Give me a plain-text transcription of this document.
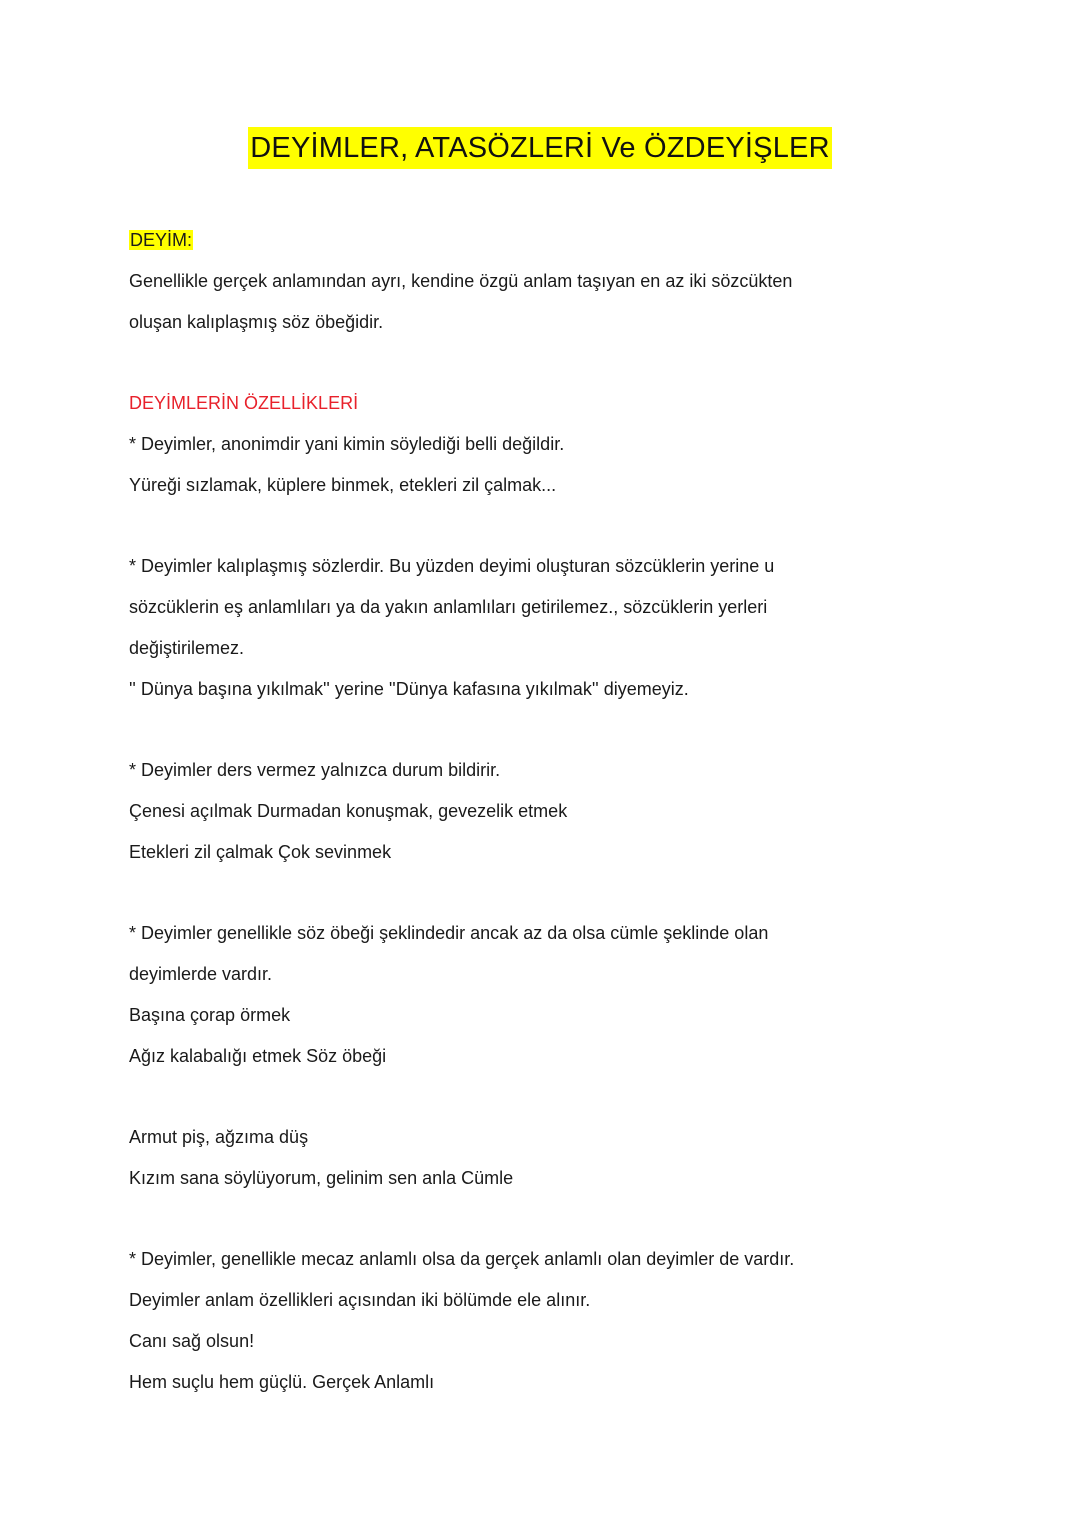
DEYİMLER, ATASÖZLERİ Ve ÖZDEYİŞLER
DEYİM:
Genellikle gerçek anlamından ayrı, kendine özgü anlam taşıyan en az iki sözcükten
oluşan kalıplaşmış söz öbeğidir.
DEYİMLERİN ÖZELLİKLERİ
* Deyimler, anonimdir yani kimin söylediği belli değildir.
Yüreği sızlamak, küplere binmek, etekleri zil çalmak...
* Deyimler kalıplaşmış sözlerdir. Bu yüzden deyimi oluşturan sözcüklerin yerine u
sözcüklerin eş anlamlıları ya da yakın anlamlıları getirilemez., sözcüklerin yerleri
değiştirilemez.
'' Dünya başına yıkılmak'' yerine ''Dünya kafasına yıkılmak'' diyemeyiz.
* Deyimler ders vermez yalnızca durum bildirir.
Çenesi açılmak Durmadan konuşmak, gevezelik etmek
Etekleri zil çalmak Çok sevinmek
* Deyimler genellikle söz öbeği şeklindedir ancak az da olsa cümle şeklinde olan
deyimlerde vardır.
Başına çorap örmek
Ağız kalabalığı etmek Söz öbeği
Armut piş, ağzıma düş
Kızım sana söylüyorum, gelinim sen anla Cümle
* Deyimler, genellikle mecaz anlamlı olsa da gerçek anlamlı olan deyimler de vardır.
Deyimler anlam özellikleri açısından iki bölümde ele alınır.
Canı sağ olsun!
Hem suçlu hem güçlü. Gerçek Anlamlı
